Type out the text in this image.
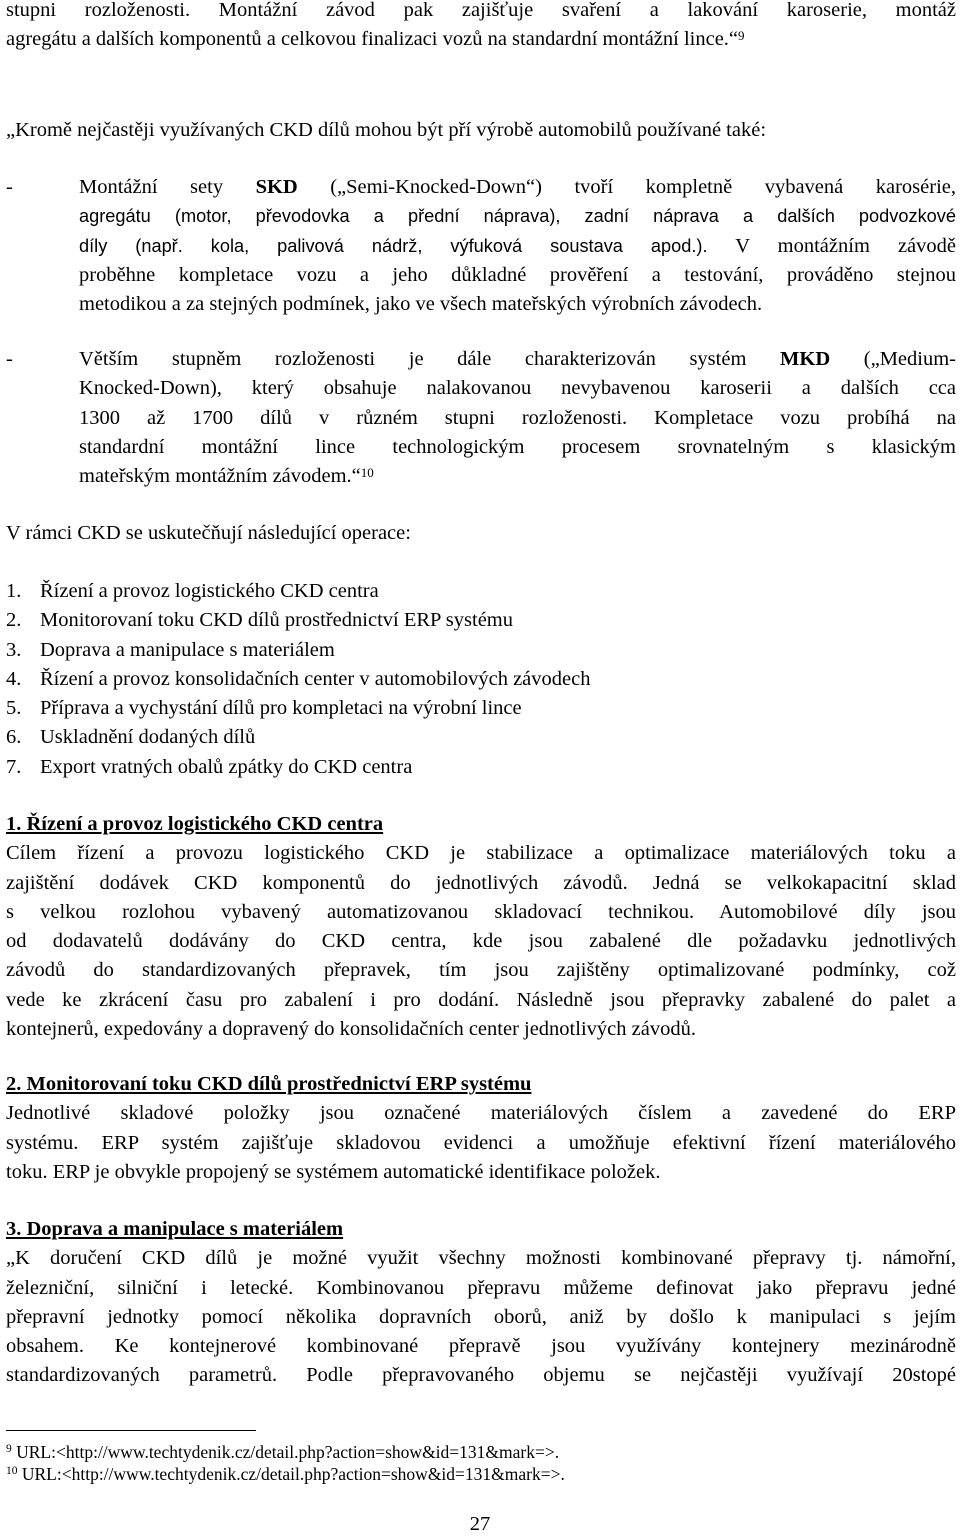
stupni rozloženosti. Montážní závod pak zajišťuje svaření a lakování karoserie, montáž

agregátu a dalších komponentů a celkovou finalizaci vozů na standardní montážní lince.“$^9$

„Kromě nejčastěji využívaných CKD dílů mohou být pří výrobě automobilů používané také:

-	Montážní sety SKD („Semi-Knocked-Down“) tvoří kompletně vybavená karosérie,

agregátu (motor, převodovka a přední náprava), zadní náprava a dalších podvozkové

díly (např. kola, palivová nádrž, výfuková soustava apod.). V montážním závodě

proběhne kompletace vozu a jeho důkladné prověření a testování, prováděno stejnou

metodikou a za stejných podmínek, jako ve všech mateřských výrobních závodech.

-	Větším stupněm rozloženosti je dále charakterizován systém MKD („Medium-

Knocked-Down), který obsahuje nalakovanou nevybavenou karoserii a dalších cca

1300 až 1700 dílů v různém stupni rozloženosti. Kompletace vozu probíhá na

standardní montážní lince technologickým procesem srovnatelným s klasickým

mateřským montážním závodem.“$^{10}$

V rámci CKD se uskutečňují následující operace:

1. Řízení a provoz logistického CKD centra
2. Monitorovaní toku CKD dílů prostřednictví ERP systému
3. Doprava a manipulace s materiálem
4. Řízení a provoz konsolidačních center v automobilových závodech
5. Příprava a vychystání dílů pro kompletaci na výrobní lince
6. Uskladnění dodaných dílů
7. Export vratných obalů zpátky do CKD centra
1. Řízení a provoz logistického CKD centra

Cílem řízení a provozu logistického CKD je stabilizace a optimalizace materiálových toku a

zajištění dodávek CKD komponentů do jednotlivých závodů. Jedná se velkokapacitní sklad

s velkou rozlohou vybavený automatizovanou skladovací technikou. Automobilové díly jsou

od dodavatelů dodávány do CKD centra, kde jsou zabalené dle požadavku jednotlivých

závodů do standardizovaných přepravek, tím jsou zajištěny optimalizované podmínky, což

vede ke zkrácení času pro zabalení i pro dodání. Následně jsou přepravky zabalené do palet a

kontejnerů, expedovány a dopravený do konsolidačních center jednotlivých závodů.

2. Monitorovaní toku CKD dílů prostřednictví ERP systému

Jednotlivé skladové položky jsou označené materiálových číslem a zavedené do ERP

systému. ERP systém zajišťuje skladovou evidenci a umožňuje efektivní řízení materiálového

toku. ERP je obvykle propojený se systémem automatické identifikace položek.

3. Doprava a manipulace s materiálem

„K doručení CKD dílů je možné využit všechny možnosti kombinované přepravy tj. námořní,

železniční, silniční i letecké. Kombinovanou přepravu můžeme definovat jako přepravu jedné

přepravní jednotky pomocí několika dopravních oborů, aniž by došlo k manipulaci s jejím

obsahem. Ke kontejnerové kombinované přepravě jsou využívány kontejnery mezinárodně

standardizovaných parametrů. Podle přepravovaného objemu se nejčastěji využívají 20stopé

$^9$ URL:<http://www.techtydenik.cz/detail.php?action=show&id=131&mark=>.

$^{10}$ URL:<http://www.techtydenik.cz/detail.php?action=show&id=131&mark=>.

27
